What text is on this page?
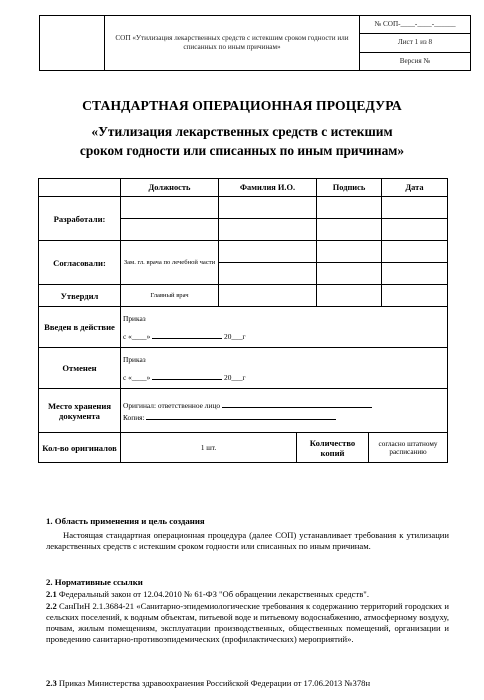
	СОП «Утилизация лекарственных средств с истекшим сроком годности или списанных по иным причинам»	№ СОП-____-____-______
Лист 1 из 8
Версия №
СТАНДАРТНАЯ ОПЕРАЦИОННАЯ ПРОЦЕДУРА
«Утилизация лекарственных средств с истекшим
сроком годности или списанных по иным причинам»
	Должность	Фамилия И.О.		Подпись		Дата
Разработали:						

Согласовали:	Зам. гл. врача по лечебной части					

Утвердил	Главный врач					
Введен в действие	Приказ
с «____» 20___г					

Отменен	Приказ
с «____» 20___г					

Место хранения документа	Оригинал: ответственное лицо
Копия:					

Кол-во оригиналов	1 шт.		Количество копий		согласно штатному расписанию	
1. Область применения и цель создания
Настоящая стандартная операционная процедура (далее СОП) устанавливает требования к утилизации лекарственных средств с истекшим сроком годности или списанных по иным причинам.
2. Нормативные ссылки
2.1 Федеральный закон от 12.04.2010 № 61-ФЗ "Об обращении лекарственных средств".
2.2 СанПиН 2.1.3684-21 «Санитарно-эпидемиологические требования к содержанию территорий городских и сельских поселений, к водным объектам, питьевой воде и питьевому водоснабжению, атмосферному воздуху, почвам, жилым помещениям, эксплуатации производственных, общественных помещений, организации и проведению санитарно-противоэпидемических (профилактических) мероприятий».
2.3 Приказ Министерства здравоохранения Российской Федерации от 17.06.2013 №378н
